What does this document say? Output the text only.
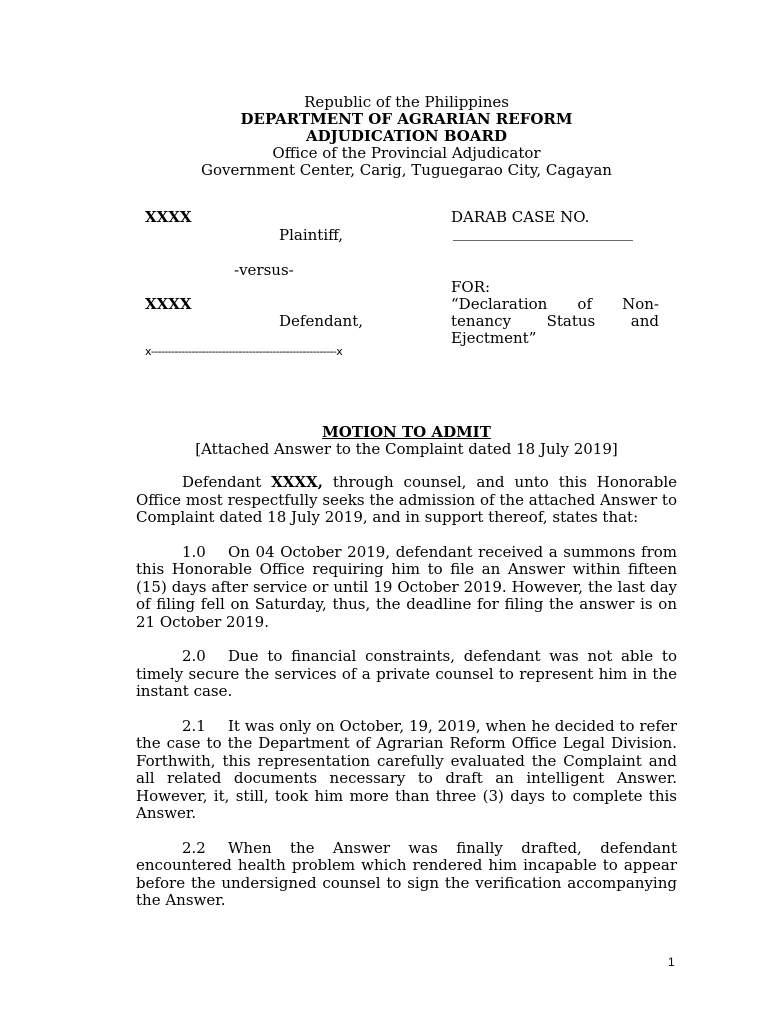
Republic of the Philippines
DEPARTMENT OF AGRARIAN REFORM
ADJUDICATION BOARD
Office of the Provincial Adjudicator
Government Center, Carig, Tuguegarao City, Cagayan
XXXX
Plaintiff,
-versus-
XXXX
Defendant,
x-------------------------------------------------------x
DARAB CASE NO.
________________________
FOR:
“Declaration of Non-
tenancy Status and
Ejectment”
MOTION TO ADMIT
[Attached Answer to the Complaint dated 18 July 2019]

Defendant XXXX, through counsel, and unto this Honorable Office most respectfully seeks the admission of the attached Answer to Complaint dated 18 July 2019, and in support thereof, states that:

1.0 On 04 October 2019, defendant received a summons from this Honorable Office requiring him to file an Answer within fifteen (15) days after service or until 19 October 2019. However, the last day of filing fell on Saturday, thus, the deadline for filing the answer is on 21 October 2019.

2.0 Due to financial constraints, defendant was not able to timely secure the services of a private counsel to represent him in the instant case.

2.1 It was only on October, 19, 2019, when he decided to refer the case to the Department of Agrarian Reform Office Legal Division. Forthwith, this representation carefully evaluated the Complaint and all related documents necessary to draft an intelligent Answer. However, it, still, took him more than three (3) days to complete this Answer.

2.2 When the Answer was finally drafted, defendant encountered health problem which rendered him incapable to appear before the undersigned counsel to sign the verification accompanying the Answer.

1
